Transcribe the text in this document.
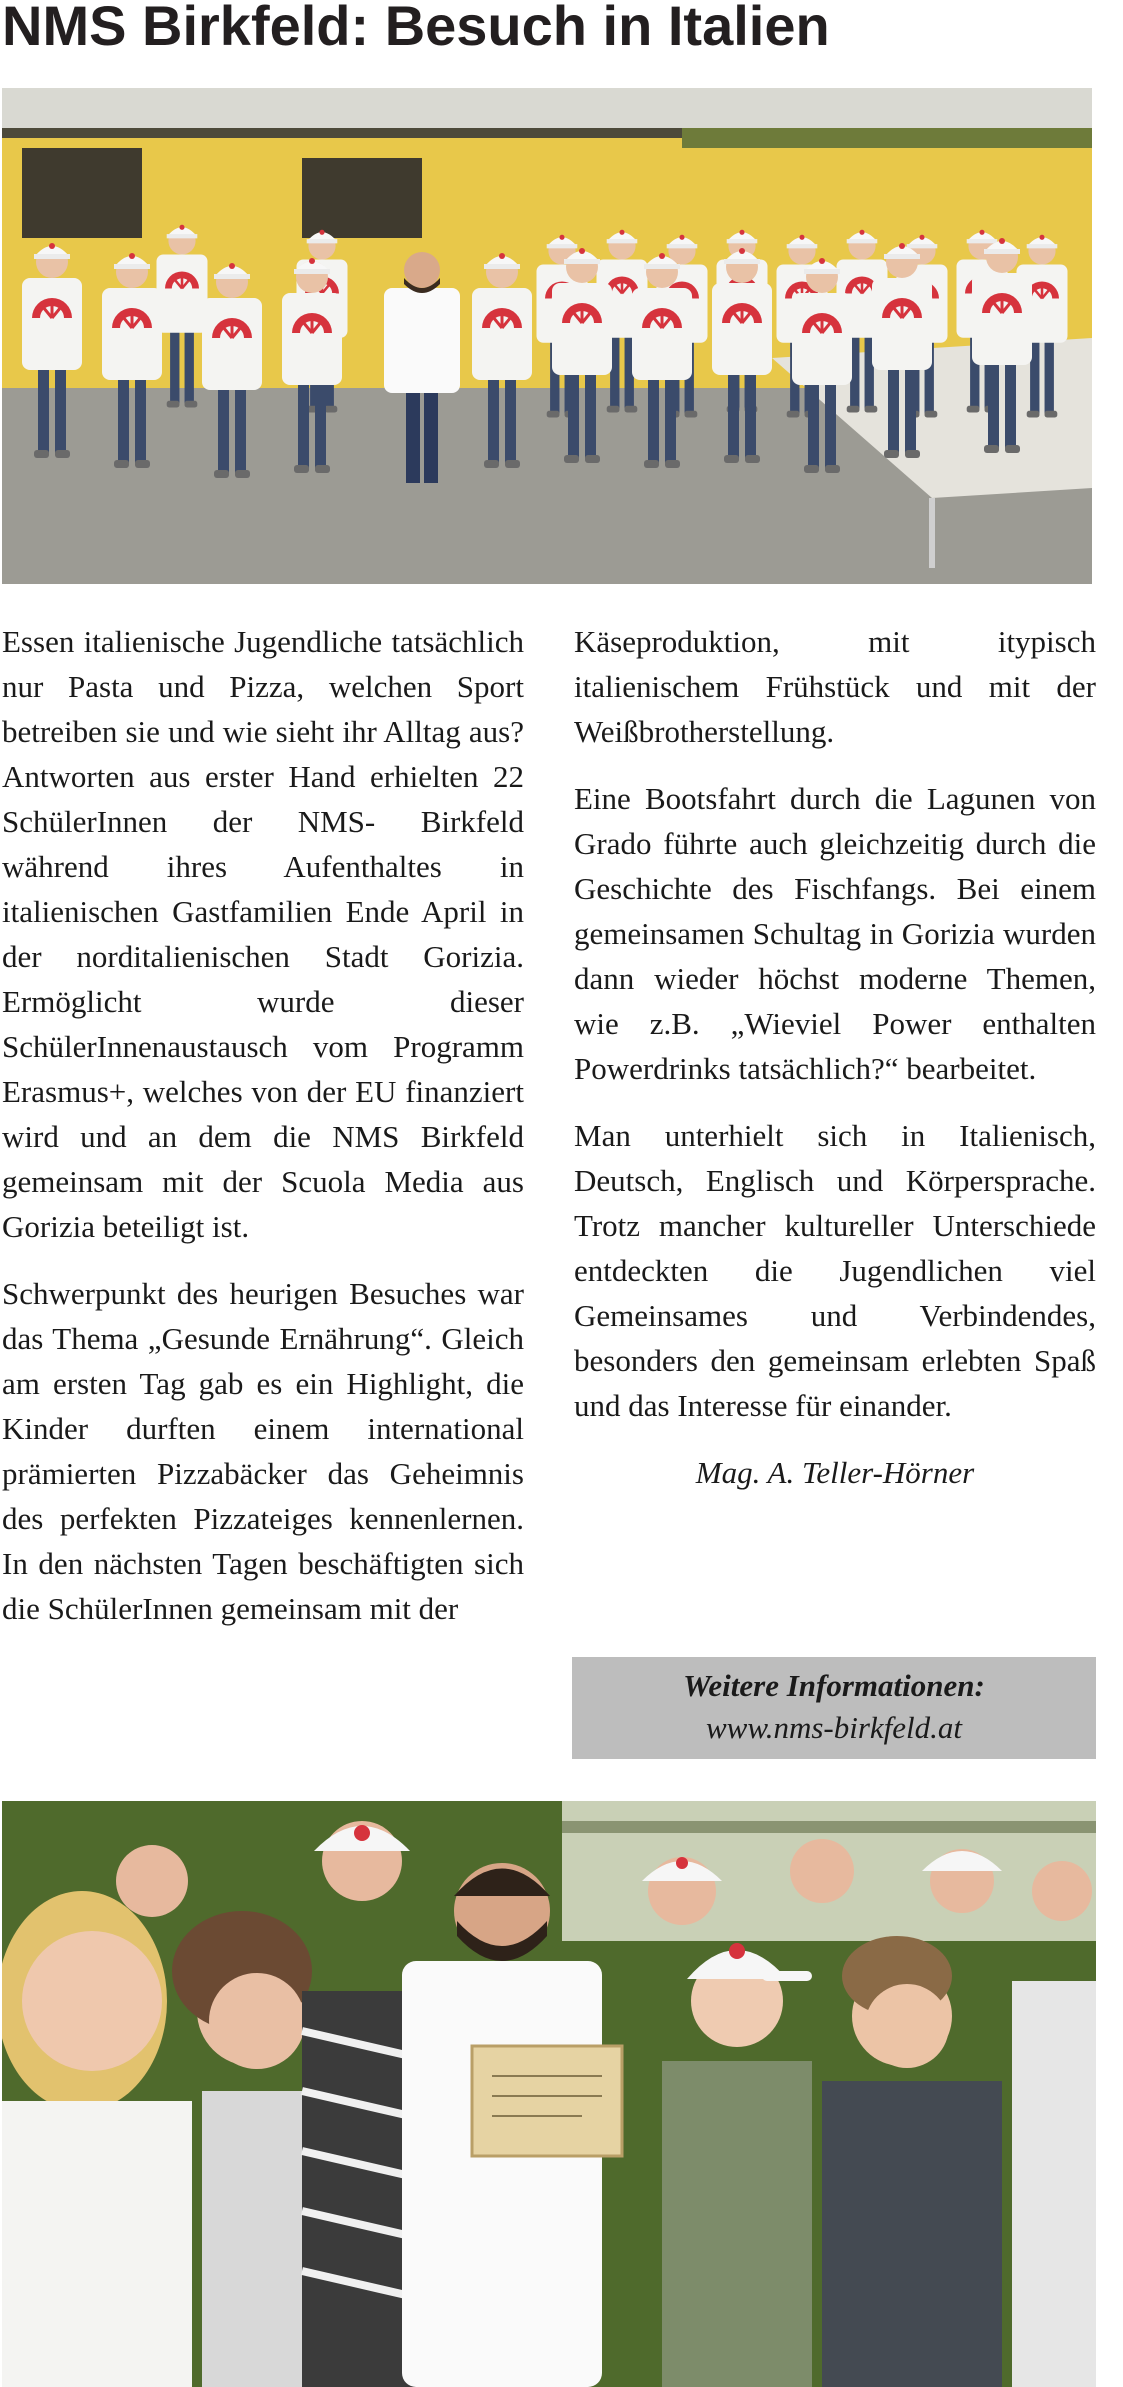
NMS Birkfeld: Besuch in Italien

Essen italienische Jugendliche tatsächlich nur Pasta und Pizza, welchen Sport betreiben sie und wie sieht ihr Alltag aus? Antworten aus erster Hand erhielten 22 SchülerInnen der NMS- Birkfeld während ihres Aufenthaltes in italienischen Gastfamilien Ende April in der norditalienischen Stadt Gorizia. Ermöglicht wurde dieser SchülerInnenaustausch vom Programm Erasmus+, welches von der EU finanziert wird und an dem die NMS Birkfeld gemeinsam mit der Scuola Media aus Gorizia beteiligt ist.

Schwerpunkt des heurigen Besuches war das Thema „Gesunde Ernährung“. Gleich am ersten Tag gab es ein Highlight, die Kinder durften einem international prämierten Pizzabäcker das Geheimnis des perfekten Pizzateiges kennenlernen. In den nächsten Tagen beschäftigten sich die SchülerInnen gemeinsam mit der

Käseproduktion, mit itypisch italienischem Frühstück und mit der Weißbrotherstellung.

Eine Bootsfahrt durch die Lagunen von Grado führte auch gleichzeitig durch die Geschichte des Fischfangs. Bei einem gemeinsamen Schultag in Gorizia wurden dann wieder höchst moderne Themen, wie z.B. „Wieviel Power enthalten Powerdrinks tatsächlich?“ bearbeitet.

Man unterhielt sich in Italienisch, Deutsch, Englisch und Körpersprache. Trotz mancher kultureller Unterschiede entdeckten die Jugendlichen viel Gemeinsames und Verbindendes, besonders den gemeinsam erlebten Spaß und das Interesse für einander.

Mag. A. Teller-Hörner

Weitere Informationen:
www.nms-birkfeld.at
